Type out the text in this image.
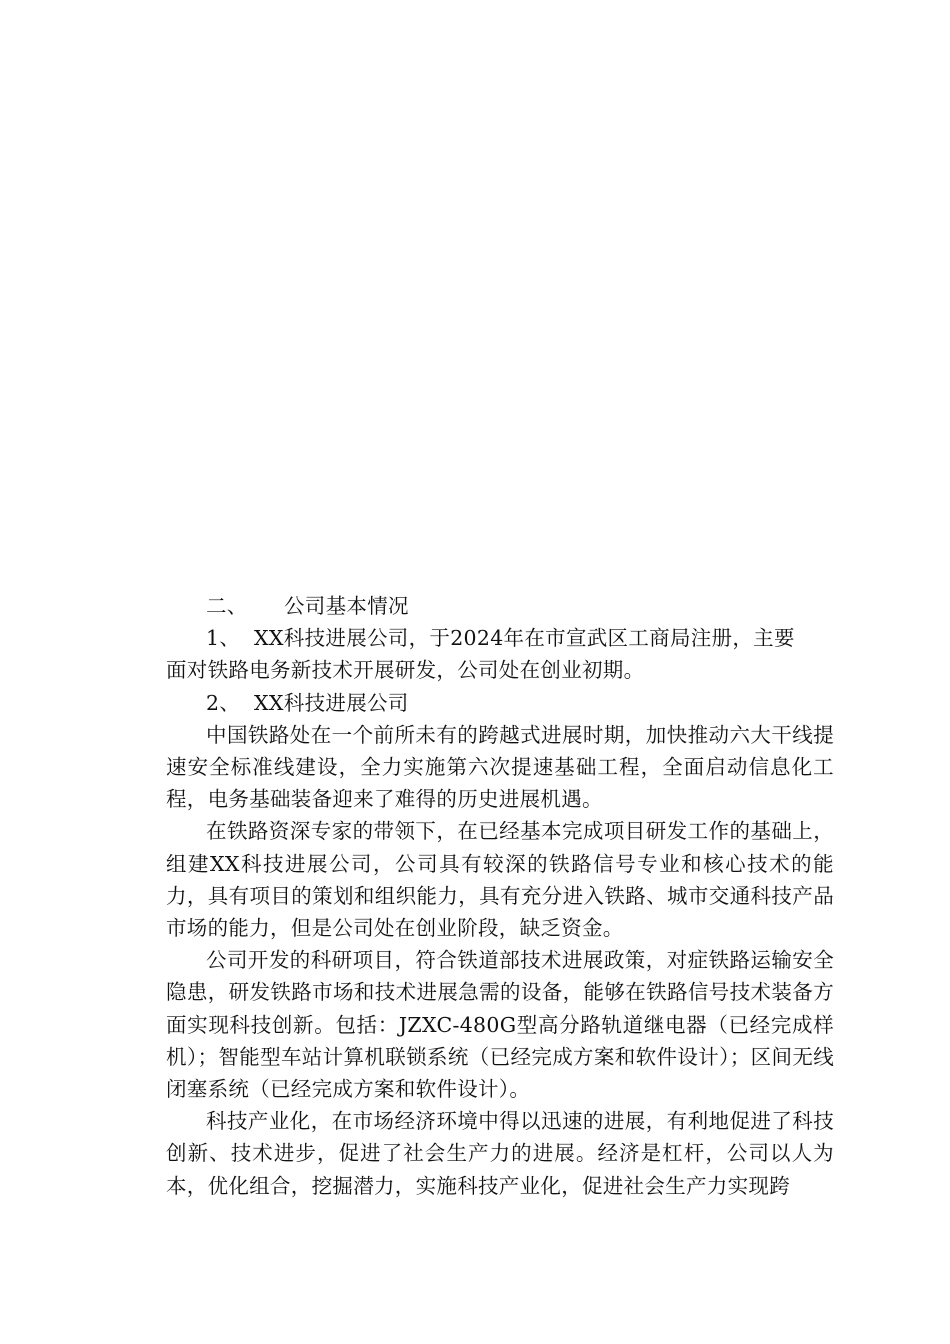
二、 公司基本情况

1、 XX科技进展公司，于2024年在市宣武区工商局注册，主要

面对铁路电务新技术开展研发，公司处在创业初期。

2、 XX科技进展公司

中国铁路处在一个前所未有的跨越式进展时期，加快推动六大干线提速安全标准线建设，全力实施第六次提速基础工程，全面启动信息化工程，电务基础装备迎来了难得的历史进展机遇。

在铁路资深专家的带领下，在已经基本完成项目研发工作的基础上，组建XX科技进展公司，公司具有较深的铁路信号专业和核心技术的能力，具有项目的策划和组织能力，具有充分进入铁路、城市交通科技产品市场的能力，但是公司处在创业阶段，缺乏资金。

公司开发的科研项目，符合铁道部技术进展政策，对症铁路运输安全隐患，研发铁路市场和技术进展急需的设备，能够在铁路信号技术装备方面实现科技创新。包括：JZXC-480G型高分路轨道继电器（已经完成样机）；智能型车站计算机联锁系统（已经完成方案和软件设计）；区间无线闭塞系统（已经完成方案和软件设计）。

科技产业化，在市场经济环境中得以迅速的进展，有利地促进了科技创新、技术进步，促进了社会生产力的进展。经济是杠杆，公司以人为本，优化组合，挖掘潜力，实施科技产业化，促进社会生产力实现跨
